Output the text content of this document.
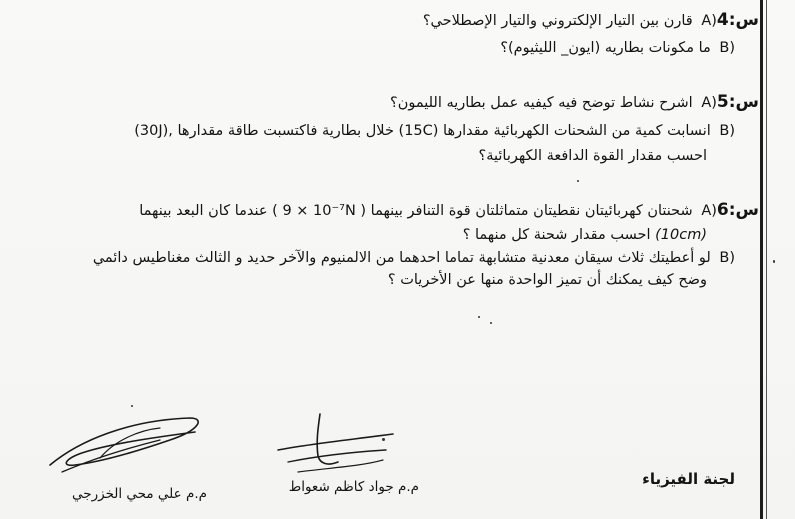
س4:A) قارن بين التيار الإلكتروني والتيار الإصطلاحي؟
B) ما مكونات بطاريه (ايون_ الليثيوم)؟
س5:A) اشرح نشاط توضح فيه كيفيه عمل بطاريه الليمون؟
B) انسابت كمية من الشحنات الكهربائية مقدارها (15C) خلال بطارية فاكتسبت طاقة مقدارها (30J),
احسب مقدار القوة الدافعة الكهربائية؟
س6:A) شحنتان كهربائيتان نقطيتان متماثلتان قوة التنافر بينهما ( 9 × 10⁻⁷N ) عندما كان البعد بينهما
(10cm) احسب مقدار شحنة كل منهما ؟
B) لو أعطيتك ثلاث سيقان معدنية متشابهة تماما احدهما من الالمنيوم والآخر حديد و الثالث مغناطيس دائمي
وضح كيف يمكنك أن تميز الواحدة منها عن الأخريات ؟
م.م علي محي الخزرجي	م.م جواد كاظم شعواط	لجنة الفيزياء
